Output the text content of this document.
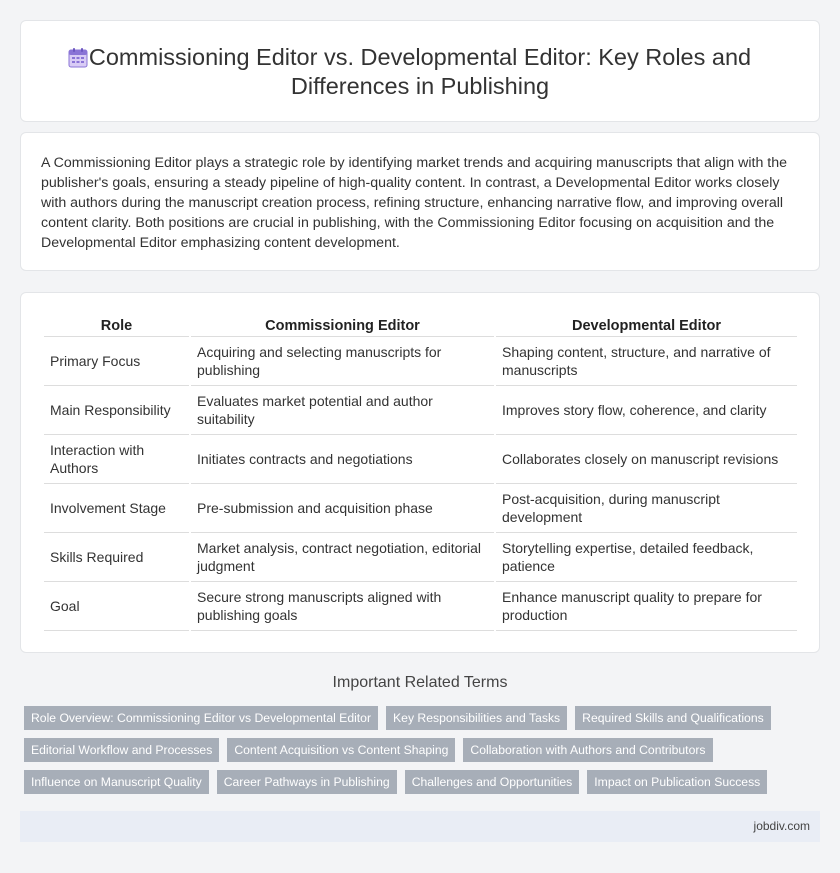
Commissioning Editor vs. Developmental Editor: Key Roles and Differences in Publishing

A Commissioning Editor plays a strategic role by identifying market trends and acquiring manuscripts that align with the publisher's goals, ensuring a steady pipeline of high-quality content. In contrast, a Developmental Editor works closely with authors during the manuscript creation process, refining structure, enhancing narrative flow, and improving overall content clarity. Both positions are crucial in publishing, with the Commissioning Editor focusing on acquisition and the Developmental Editor emphasizing content development.

Role	Commissioning Editor	Developmental Editor
Primary Focus	Acquiring and selecting manuscripts for publishing	Shaping content, structure, and narrative of manuscripts
Main Responsibility	Evaluates market potential and author suitability	Improves story flow, coherence, and clarity
Interaction with Authors	Initiates contracts and negotiations	Collaborates closely on manuscript revisions
Involvement Stage	Pre-submission and acquisition phase	Post-acquisition, during manuscript development
Skills Required	Market analysis, contract negotiation, editorial judgment	Storytelling expertise, detailed feedback, patience
Goal	Secure strong manuscripts aligned with publishing goals	Enhance manuscript quality to prepare for production
Important Related Terms
Role Overview: Commissioning Editor vs Developmental Editor	Key Responsibilities and Tasks	Required Skills and Qualifications
Editorial Workflow and Processes	Content Acquisition vs Content Shaping	Collaboration with Authors and Contributors
Influence on Manuscript Quality	Career Pathways in Publishing	Challenges and Opportunities	Impact on Publication Success
jobdiv.com
